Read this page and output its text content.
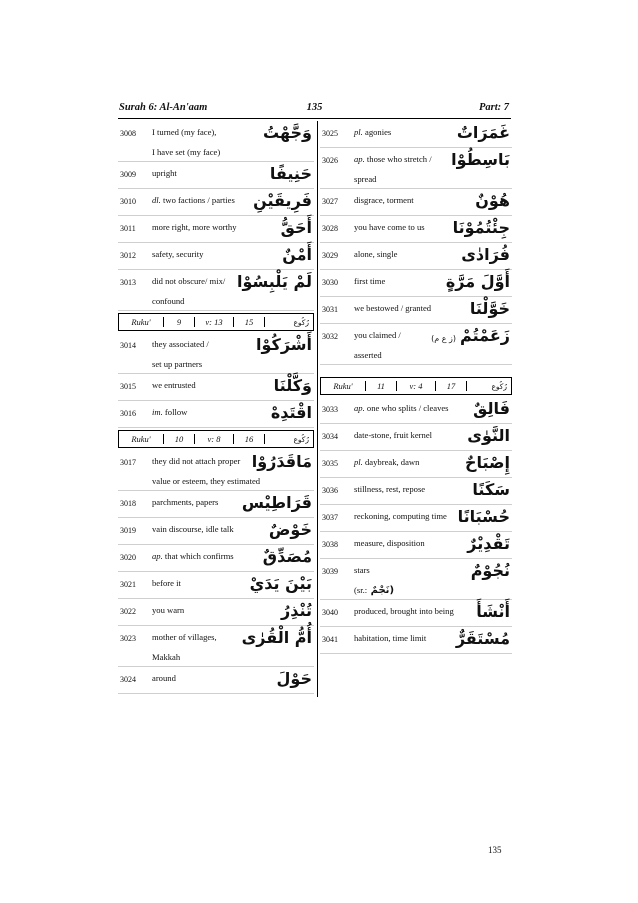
Surah 6: Al-An'aam	135	Part: 7
3008	I turned (my face),	وَجَّهْتُ
I have set (my face)
3009	upright	حَنِيفًا
3010	dl. two factions / parties	فَرِيقَيْنِ
3011	more right, more worthy	أَحَقُّ
3012	safety, security	أَمْنٌ
3013	did not obscure/ mix/ لَمْ يَلْبِسُوْا
confound
Ruku'	9	v: 13	15	رُكُوع
3014	they associated /	أَشْرَكُوْا
set up partners
3015	we entrusted	وَكَّلْنَا
3016	im. follow	اقْتَدِهْ
Ruku'	10	v: 8	16	رُكُوع
3017	they did not attach proper مَاقَدَرُوْا
value or esteem, they estimated
3018	parchments, papers	قَرَاطِيْس
3019	vain discourse, idle talk	خَوْضٌ
3020	ap. that which confirms	مُصَدِّقٌ
3021	before it	بَيْنَ يَدَيْ
3022	you warn	تُنْذِرُ
3023	mother of villages,	أُمُّ الْقُرٰى
Makkah
3024	around	حَوْلَ
3025	pl. agonies	غَمَرَاتٌ
3026	ap. those who stretch /	بَاسِطُوْا
spread
3027	disgrace, torment	هُوْنٌ
3028	you have come to us	جِئْتُمُوْنَا
3029	alone, single	فُرَادٰى
3030	first time	أَوَّلَ مَرَّةٍ
3031	we bestowed / granted	خَوَّلْنَا
3032	you claimed /	زَعَمْتُمْ(ز ع م)
asserted
Ruku'	11	v: 4	17	رُكُوع
3033	ap. one who splits / cleaves	فَالِقٌ
3034	date-stone, fruit kernel	النَّوٰى
3035	pl. daybreak, dawn	إِصْبَاحٌ
3036	stillness, rest, repose	سَكَنًا
3037	reckoning, computing time حُسْبَانًا
3038	measure, disposition	تَقْدِيْرٌ
3039	stars	نُجُوْمٌ
(sr.: نَجْمٌ)
3040	produced, brought into being	أَنْشَأَ
3041	habitation, time limit	مُسْتَقَرٌّ
135
